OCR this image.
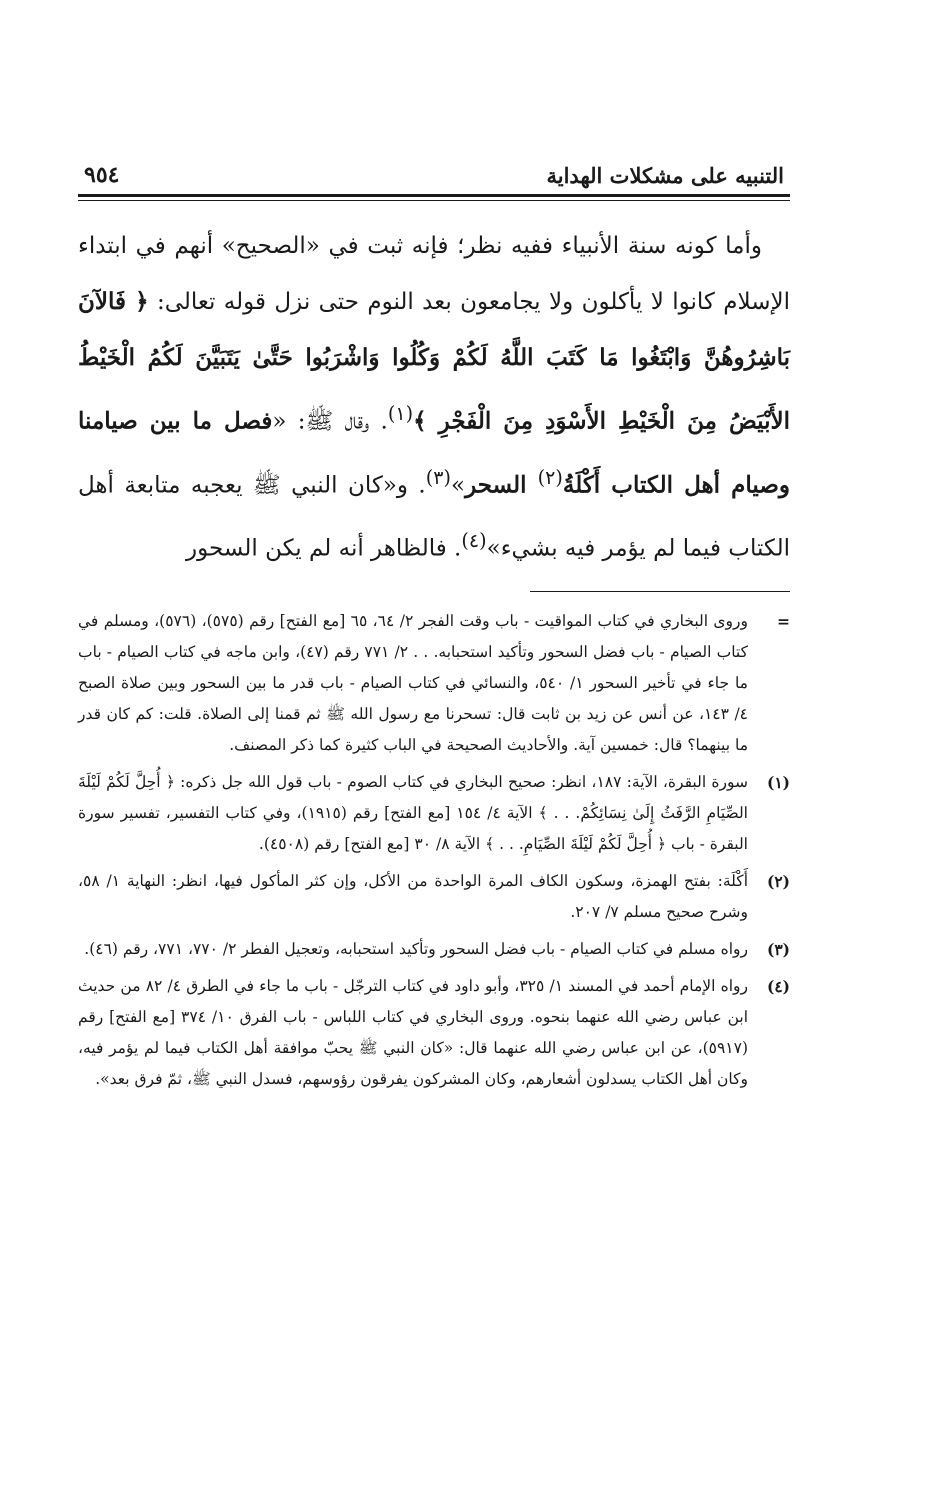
التنبيه على مشكلات الهداية
٩٥٤

وأما كونه سنة الأنبياء ففيه نظر؛ فإنه ثبت في «الصحيح» أنهم في ابتداء الإسلام كانوا لا يأكلون ولا يجامعون بعد النوم حتى نزل قوله تعالى: ﴿ فَالآنَ بَاشِرُوهُنَّ وَابْتَغُوا مَا كَتَبَ اللَّهُ لَكُمْ وَكُلُوا وَاشْرَبُوا حَتَّىٰ يَتَبَيَّنَ لَكُمُ الْخَيْطُ الأَبْيَضُ مِنَ الْخَيْطِ الأَسْوَدِ مِنَ الْفَجْرِ ﴾$^{(١)}$. وقال ﷺ: «فصل ما بين صيامنا وصيام أهل الكتاب أَكْلَةُ$^{(٢)}$ السحر»$^{(٣)}$. و«كان النبي ﷺ يعجبه متابعة أهل الكتاب فيما لم يؤمر فيه بشيء»$^{(٤)}$. فالظاهر أنه لم يكن السحور

=
وروى البخاري في كتاب المواقيت - باب وقت الفجر ٢/ ٦٤، ٦٥ [مع الفتح] رقم (٥٧٥)، (٥٧٦)، ومسلم في كتاب الصيام - باب فضل السحور وتأكيد استحبابه. . . ٢/ ٧٧١ رقم (٤٧)، وابن ماجه في كتاب الصيام - باب ما جاء في تأخير السحور ١/ ٥٤٠، والنسائي في كتاب الصيام - باب قدر ما بين السحور وبين صلاة الصبح ٤/ ١٤٣، عن أنس عن زيد بن ثابت قال: تسحرنا مع رسول الله ﷺ ثم قمنا إلى الصلاة. قلت: كم كان قدر ما بينهما؟ قال: خمسين آية. والأحاديث الصحيحة في الباب كثيرة كما ذكر المصنف.
(١)
سورة البقرة، الآية: ١٨٧، انظر: صحيح البخاري في كتاب الصوم - باب قول الله جل ذكره: ﴿ أُحِلَّ لَكُمْ لَيْلَةَ الصِّيَامِ الرَّفَثُ إِلَىٰ نِسَائِكُمْ. . . ﴾ الآية ٤/ ١٥٤ [مع الفتح] رقم (١٩١٥)، وفي كتاب التفسير، تفسير سورة البقرة - باب ﴿ أُحِلَّ لَكُمْ لَيْلَةَ الصِّيَامِ. . . ﴾ الآية ٨/ ٣٠ [مع الفتح] رقم (٤٥٠٨).
(٢)
أَكْلَة: بفتح الهمزة، وسكون الكاف المرة الواحدة من الأكل، وإن كثر المأكول فيها، انظر: النهاية ١/ ٥٨، وشرح صحيح مسلم ٧/ ٢٠٧.
(٣)
رواه مسلم في كتاب الصيام - باب فضل السحور وتأكيد استحبابه، وتعجيل الفطر ٢/ ٧٧٠، ٧٧١، رقم (٤٦).
(٤)
رواه الإمام أحمد في المسند ١/ ٣٢٥، وأبو داود في كتاب الترجّل - باب ما جاء في الطرق ٤/ ٨٢ من حديث ابن عباس رضي الله عنهما بنحوه. وروى البخاري في كتاب اللباس - باب الفرق ١٠/ ٣٧٤ [مع الفتح] رقم (٥٩١٧)، عن ابن عباس رضي الله عنهما قال: «كان النبي ﷺ يحبّ موافقة أهل الكتاب فيما لم يؤمر فيه، وكان أهل الكتاب يسدلون أشعارهم، وكان المشركون يفرقون رؤوسهم، فسدل النبي ﷺ، ثمّ فرق بعد».
